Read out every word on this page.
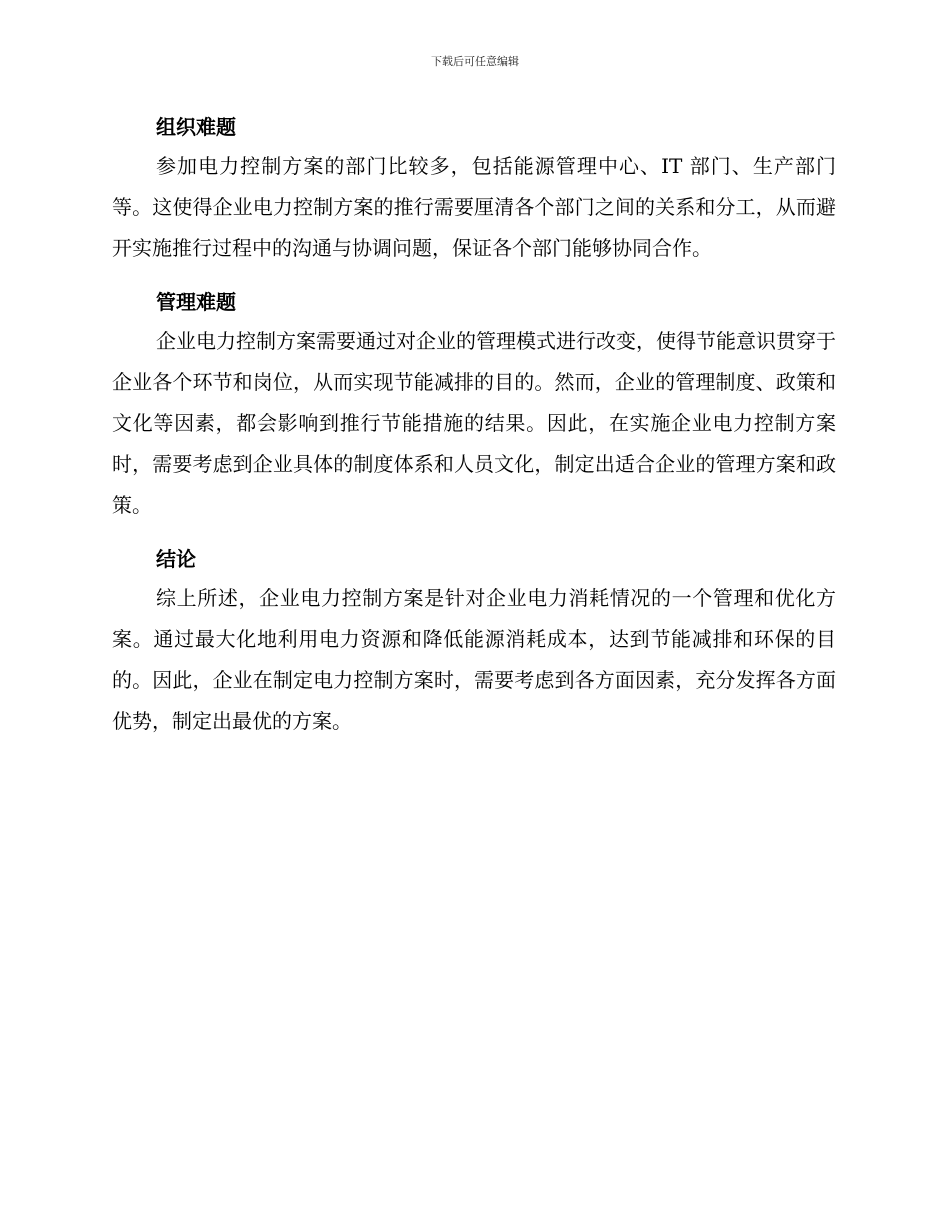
下载后可任意编辑
组织难题

参加电力控制方案的部门比较多，包括能源管理中心、IT 部门、生产部门等。这使得企业电力控制方案的推行需要厘清各个部门之间的关系和分工，从而避开实施推行过程中的沟通与协调问题，保证各个部门能够协同合作。

管理难题

企业电力控制方案需要通过对企业的管理模式进行改变，使得节能意识贯穿于企业各个环节和岗位，从而实现节能减排的目的。然而，企业的管理制度、政策和文化等因素，都会影响到推行节能措施的结果。因此，在实施企业电力控制方案时，需要考虑到企业具体的制度体系和人员文化，制定出适合企业的管理方案和政策。

结论

综上所述，企业电力控制方案是针对企业电力消耗情况的一个管理和优化方案。通过最大化地利用电力资源和降低能源消耗成本，达到节能减排和环保的目的。因此，企业在制定电力控制方案时，需要考虑到各方面因素，充分发挥各方面优势，制定出最优的方案。
